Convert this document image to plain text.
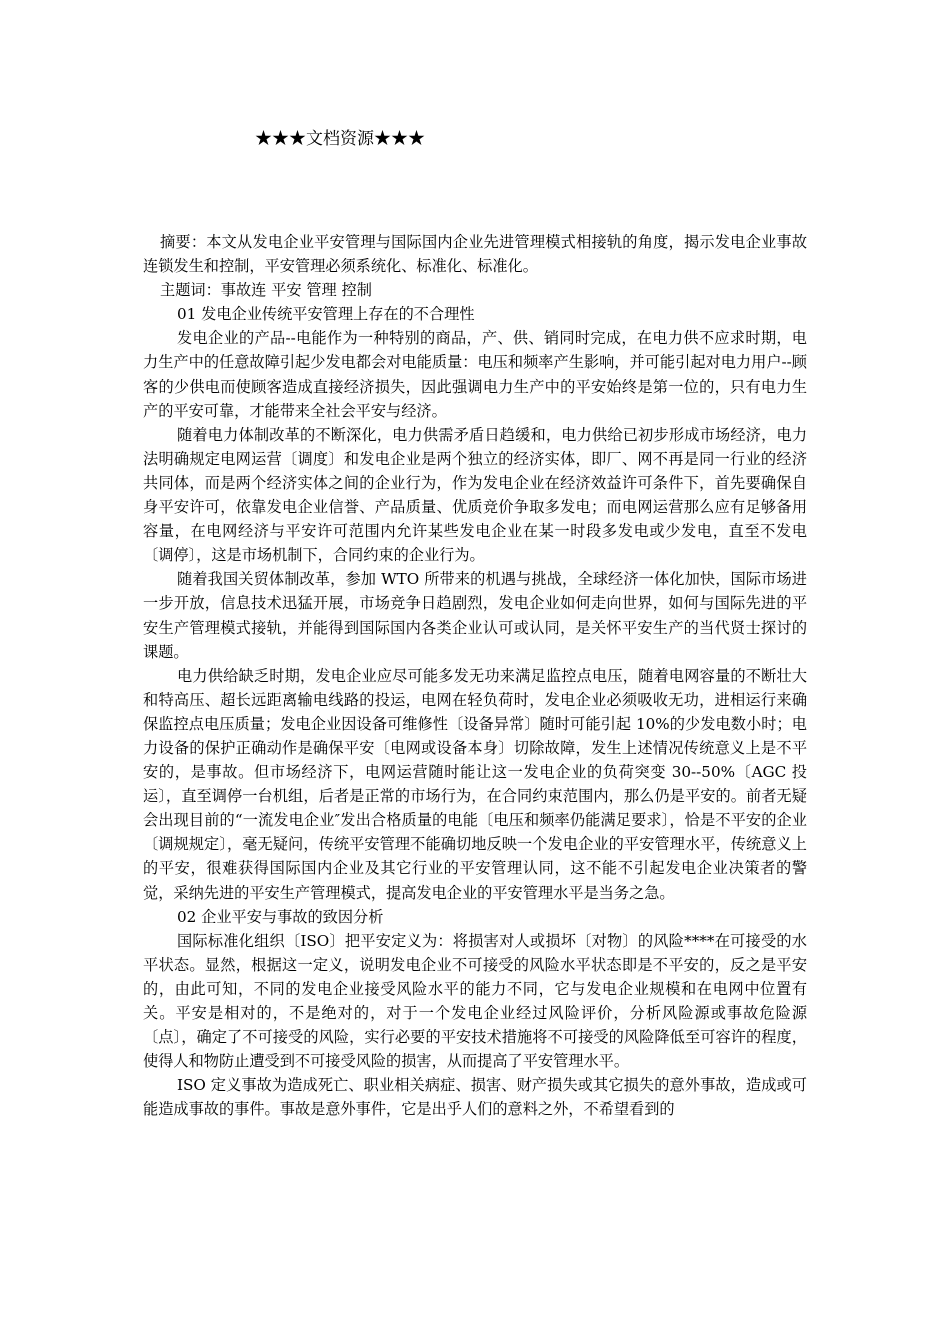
★★★文档资源★★★

摘要：本文从发电企业平安管理与国际国内企业先进管理模式相接轨的角度，揭示发电企业事故连锁发生和控制，平安管理必须系统化、标准化、标准化。

主题词：事故连 平安 管理 控制

01 发电企业传统平安管理上存在的不合理性

发电企业的产品--电能作为一种特别的商品，产、供、销同时完成，在电力供不应求时期，电力生产中的任意故障引起少发电都会对电能质量：电压和频率产生影响，并可能引起对电力用户--顾客的少供电而使顾客造成直接经济损失，因此强调电力生产中的平安始终是第一位的，只有电力生产的平安可靠，才能带来全社会平安与经济。

随着电力体制改革的不断深化，电力供需矛盾日趋缓和，电力供给已初步形成市场经济，电力法明确规定电网运营〔调度〕和发电企业是两个独立的经济实体，即厂、网不再是同一行业的经济共同体，而是两个经济实体之间的企业行为，作为发电企业在经济效益许可条件下，首先要确保自身平安许可，依靠发电企业信誉、产品质量、优质竞价争取多发电；而电网运营那么应有足够备用容量，在电网经济与平安许可范围内允许某些发电企业在某一时段多发电或少发电，直至不发电〔调停〕，这是市场机制下，合同约束的企业行为。

随着我国关贸体制改革，参加 WTO 所带来的机遇与挑战，全球经济一体化加快，国际市场进一步开放，信息技术迅猛开展，市场竞争日趋剧烈，发电企业如何走向世界，如何与国际先进的平安生产管理模式接轨，并能得到国际国内各类企业认可或认同，是关怀平安生产的当代贤士探讨的课题。

电力供给缺乏时期，发电企业应尽可能多发无功来满足监控点电压，随着电网容量的不断壮大和特高压、超长远距离输电线路的投运，电网在轻负荷时，发电企业必须吸收无功，进相运行来确保监控点电压质量；发电企业因设备可维修性〔设备异常〕随时可能引起 10%的少发电数小时；电力设备的保护正确动作是确保平安〔电网或设备本身〕切除故障，发生上述情况传统意义上是不平安的，是事故。但市场经济下，电网运营随时能让这一发电企业的负荷突变 30--50%〔AGC 投运〕，直至调停一台机组，后者是正常的市场行为，在合同约束范围内，那么仍是平安的。前者无疑会出现目前的“一流发电企业″发出合格质量的电能〔电压和频率仍能满足要求〕，恰是不平安的企业〔调规规定〕，毫无疑问，传统平安管理不能确切地反映一个发电企业的平安管理水平，传统意义上的平安，很难获得国际国内企业及其它行业的平安管理认同，这不能不引起发电企业决策者的警觉，采纳先进的平安生产管理模式，提高发电企业的平安管理水平是当务之急。

02 企业平安与事故的致因分析

国际标准化组织〔ISO〕把平安定义为：将损害对人或损坏〔对物〕的风险****在可接受的水平状态。显然，根据这一定义，说明发电企业不可接受的风险水平状态即是不平安的，反之是平安的，由此可知，不同的发电企业接受风险水平的能力不同，它与发电企业规模和在电网中位置有关。平安是相对的，不是绝对的，对于一个发电企业经过风险评价，分析风险源或事故危险源〔点〕，确定了不可接受的风险，实行必要的平安技术措施将不可接受的风险降低至可容许的程度，使得人和物防止遭受到不可接受风险的损害，从而提高了平安管理水平。

ISO 定义事故为造成死亡、职业相关病症、损害、财产损失或其它损失的意外事故，造成或可能造成事故的事件。事故是意外事件，它是出乎人们的意料之外，不希望看到的
